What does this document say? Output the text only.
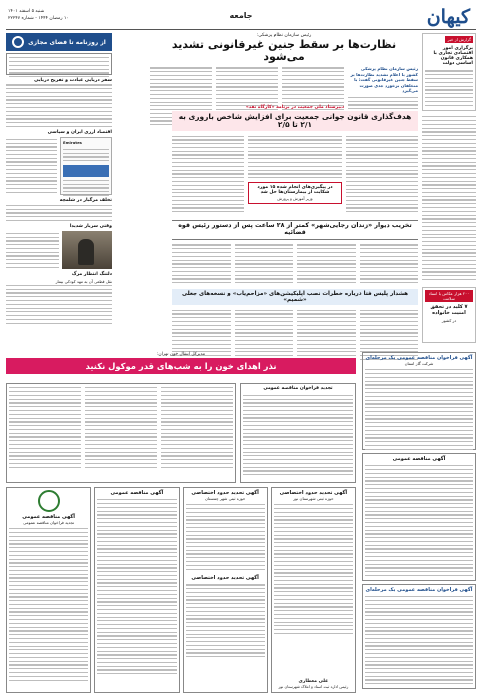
کیهان
جامعه
شنبه ۵ اسفند ۱۴۰۱
۱۰ رمضان ۱۴۴۴ - شماره ۲۲۲۴۷
گزارش از خبر
برگزاری امور اقتصادی تجاری با همکاری قانون اساسی دولت
۲۰۰ هزار عکاس با اسناد سلامت
۷ کلید در تحقق امنیت خانواده
در کشور
رئیس سازمان نظام پزشکی:
نظارت‌ها بر سقط جنین غیرقانونی تشدید می‌شود
رئیس سازمان نظام پزشکی کشور با اعلام تشدید نظارت‌ها بر سقط جنین غیرقانونی گفت: با متخلفان برخورد جدی صورت می‌گیرد
از روزنامه تا فضای مجازی
سفر دریایی عبادت و تفریح دریایی
اقتصاد ارزی ایران و سیاسی
Emirates
تخلف مرگبار در شلمچه
وقتی سرباز شدیدا
دلتنگ انتظار مرگ
نقل قطعی آن به مهد کودکی بیمار
دبیرستاد ملی جمعیت در برنامه «کارگاه نقد»
هدف‌گذاری قانون جوانی جمعیت برای افزایش شاخص باروری به ۲/۱ تا ۲/۵
در پیگیری‌های انجام شده ۱۵ مورد شکایت از بیمارستان‌ها حل شد
وزیر آموزش و پرورش
تخریب دیوار «زندان رجایی‌شهر» کمتر از ۲۸ ساعت پس از دستور رئیس قوه قضائیه
هشدار پلیس فتا درباره خطرات نصب اپلیکیشن‌های «مزاحم‌یاب» و نسخه‌های جعلی «شمیم»
مدیرکل انتقال خون تهران:
نذر اهدای خون را به شب‌های قدر موکول نکنید
آگهی فراخوان مناقصه عمومی یک مرحله‌ای
شرکت گاز استان
آگهی مناقصه عمومی
آگهی فراخوان مناقصه عمومی یک مرحله‌ای
تجدید فراخوان مناقصه عمومی
آگهی مناقصه عمومی
تجدید فراخوان مناقصه عمومی
آگهی مناقصه عمومی	آگهی تحدید حدود اختصاصی
حوزه ثبتی شهر چمستان
آگهی تحدید حدود اختصاصی
آگهی تحدید حدود اختصاصی
حوزه ثبتی شهرستان نور
علی معطاری
رئیس اداره ثبت اسناد و املاک شهرستان نور
